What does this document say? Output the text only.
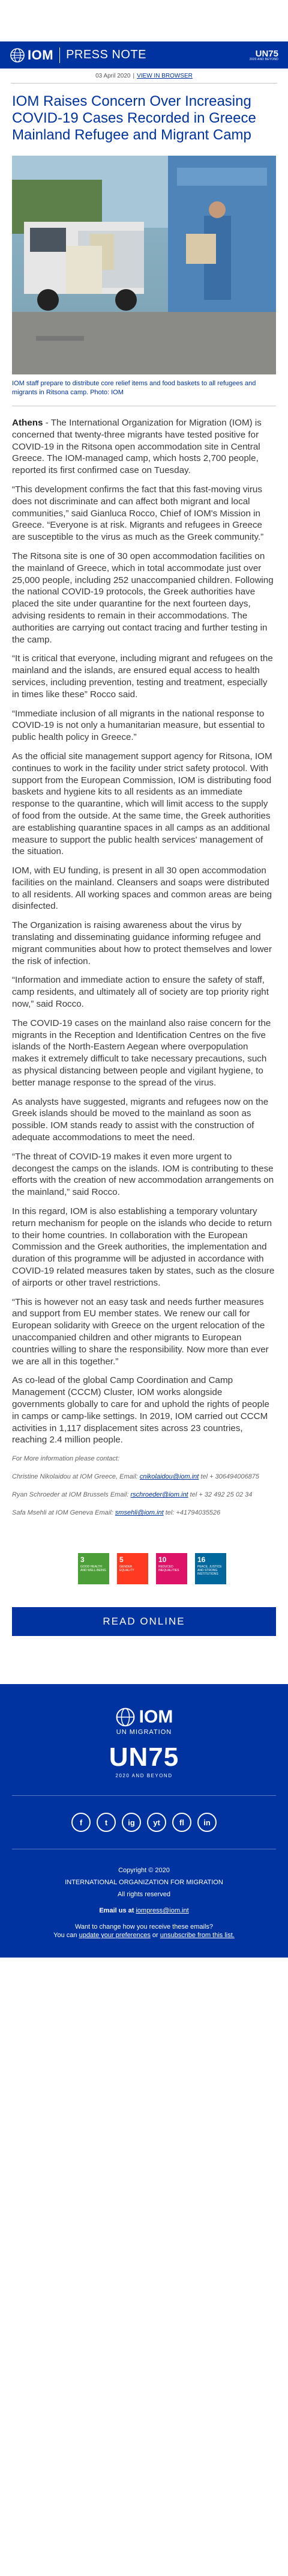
IOM PRESS NOTE	UN75
2020 AND BEYOND
03 April 2020 | VIEW IN BROWSER
IOM Raises Concern Over Increasing COVID-19 Cases Recorded in Greece Mainland Refugee and Migrant Camp

IOM staff prepare to distribute core relief items and food baskets to all refugees and migrants in Ritsona camp. Photo: IOM

Athens - The International Organization for Migration (IOM) is concerned that twenty-three migrants have tested positive for COVID-19 in the Ritsona open accommodation site in Central Greece. The IOM-managed camp, which hosts 2,700 people, reported its first confirmed case on Tuesday.

“This development confirms the fact that this fast-moving virus does not discriminate and can affect both migrant and local communities,” said Gianluca Rocco, Chief of IOM's Mission in Greece. “Everyone is at risk. Migrants and refugees in Greece are susceptible to the virus as much as the Greek community.”

The Ritsona site is one of 30 open accommodation facilities on the mainland of Greece, which in total accommodate just over 25,000 people, including 252 unaccompanied children. Following the national COVID-19 protocols, the Greek authorities have placed the site under quarantine for the next fourteen days, advising residents to remain in their accommodations. The authorities are carrying out contact tracing and further testing in the camp.

“It is critical that everyone, including migrant and refugees on the mainland and the islands, are ensured equal access to health services, including prevention, testing and treatment, especially in times like these” Rocco said.

“Immediate inclusion of all migrants in the national response to COVID-19 is not only a humanitarian measure, but essential to public health policy in Greece.”

As the official site management support agency for Ritsona, IOM continues to work in the facility under strict safety protocol. With support from the European Commission, IOM is distributing food baskets and hygiene kits to all residents as an immediate response to the quarantine, which will limit access to the supply of food from the outside. At the same time, the Greek authorities are establishing quarantine spaces in all camps as an additional measure to support the public health services' management of the situation.

IOM, with EU funding, is present in all 30 open accommodation facilities on the mainland. Cleansers and soaps were distributed to all residents. All working spaces and common areas are being disinfected.

The Organization is raising awareness about the virus by translating and disseminating guidance informing refugee and migrant communities about how to protect themselves and lower the risk of infection.

“Information and immediate action to ensure the safety of staff, camp residents, and ultimately all of society are top priority right now,” said Rocco.

The COVID-19 cases on the mainland also raise concern for the migrants in the Reception and Identification Centres on the five islands of the North-Eastern Aegean where overpopulation makes it extremely difficult to take necessary precautions, such as physical distancing between people and vigilant hygiene, to better manage response to the spread of the virus.

As analysts have suggested, migrants and refugees now on the Greek islands should be moved to the mainland as soon as possible. IOM stands ready to assist with the construction of adequate accommodations to meet the need.

“The threat of COVID-19 makes it even more urgent to decongest the camps on the islands. IOM is contributing to these efforts with the creation of new accommodation arrangements on the mainland,” said Rocco.

In this regard, IOM is also establishing a temporary voluntary return mechanism for people on the islands who decide to return to their home countries. In collaboration with the European Commission and the Greek authorities, the implementation and duration of this programme will be adjusted in accordance with COVID-19 related measures taken by states, such as the closure of airports or other travel restrictions.

“This is however not an easy task and needs further measures and support from EU member states. We renew our call for European solidarity with Greece on the urgent relocation of the unaccompanied children and other migrants to European countries willing to share the responsibility. Now more than ever we are all in this together.”

As co-lead of the global Camp Coordination and Camp Management (CCCM) Cluster, IOM works alongside governments globally to care for and uphold the rights of people in camps or camp-like settings. In 2019, IOM carried out CCCM activities in 1,117 displacement sites across 23 countries, reaching 2.4 million people.

For More information please contact:

Christine Nikolaidou at IOM Greece, Email: cnikolaidou@iom.int tel + 306494006875

Ryan Schroeder at IOM Brussels Email: rschroeder@iom.int tel + 32 492 25 02 34

Safa Msehli at IOM Geneva Email: smsehli@iom.int tel: +41794035526

3
GOOD HEALTH AND WELL-BEING
5
GENDER EQUALITY
10
REDUCED INEQUALITIES
16
PEACE, JUSTICE AND STRONG INSTITUTIONS
READ ONLINE
IOM
UN MIGRATION
UN75
2020 AND BEYOND
f	t	ig	yt	fl	in
Copyright © 2020
INTERNATIONAL ORGANIZATION FOR MIGRATION
All rights reserved
Email us at iompress@iom.int
Want to change how you receive these emails?
You can update your preferences or unsubscribe from this list.
